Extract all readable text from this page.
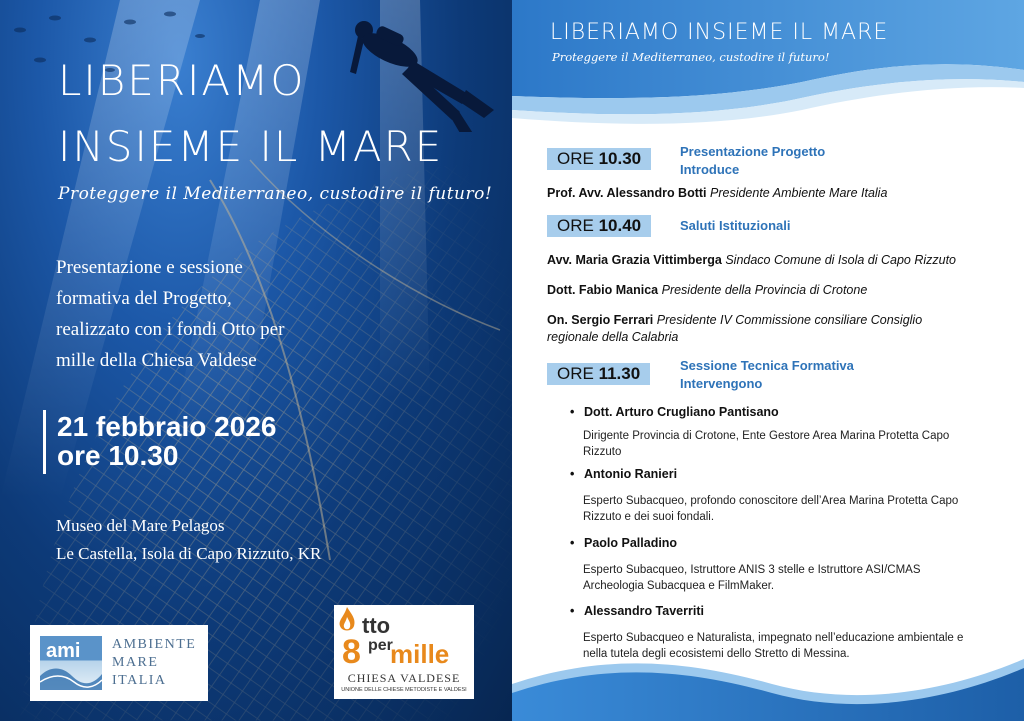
LIBERIAMO
INSIEME IL MARE
Proteggere il Mediterraneo, custodire il futuro!
Presentazione e sessione
formativa del Progetto,
realizzato con i fondi Otto per
mille della Chiesa Valdese
21 febbraio 2026
ore 10.30
Museo del Mare Pelagos
Le Castella, Isola di Capo Rizzuto, KR
ami AMBIENTE
MARE
ITALIA
tto
8 per
mille
CHIESA VALDESE
UNIONE DELLE CHIESE METODISTE E VALDESI
LIBERIAMO INSIEME IL MARE
Proteggere il Mediterraneo, custodire il futuro!
ORE 10.30	Presentazione Progetto
Introduce
Prof. Avv. Alessandro Botti Presidente Ambiente Mare Italia
ORE 10.40	Saluti Istituzionali
Avv. Maria Grazia Vittimberga Sindaco Comune di Isola di Capo Rizzuto
Dott. Fabio Manica Presidente della Provincia di Crotone
On. Sergio Ferrari Presidente IV Commissione consiliare Consiglio regionale della Calabria
ORE 11.30	Sessione Tecnica Formativa
Intervengono
• Dott. Arturo Crugliano Pantisano
Dirigente Provincia di Crotone, Ente Gestore Area Marina Protetta Capo Rizzuto
• Antonio Ranieri
Esperto Subacqueo, profondo conoscitore dell’Area Marina Protetta Capo Rizzuto e dei suoi fondali.
• Paolo Palladino
Esperto Subacqueo, Istruttore ANIS 3 stelle e Istruttore ASI/CMAS Archeologia Subacquea e FilmMaker.
• Alessandro Taverriti
Esperto Subacqueo e Naturalista, impegnato nell’educazione ambientale e nella tutela degli ecosistemi dello Stretto di Messina.
